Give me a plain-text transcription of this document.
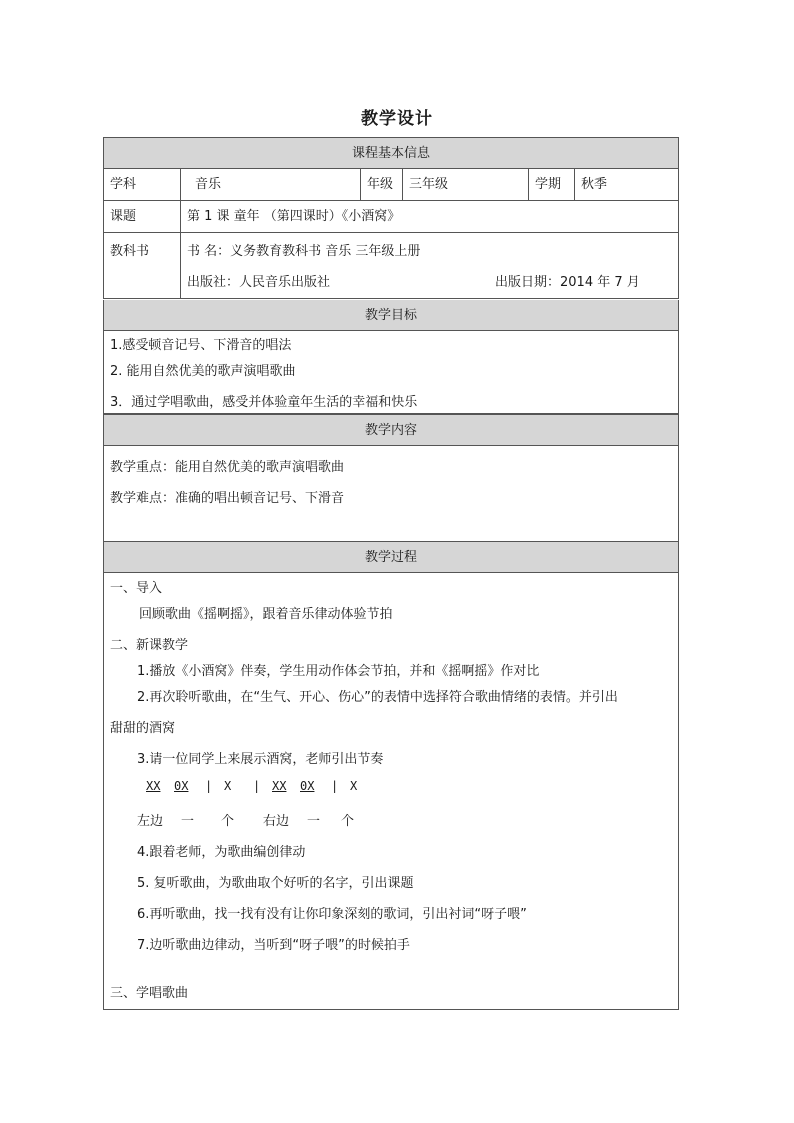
教学设计
课程基本信息
学科	音乐	年级	三年级	学期	秋季
课题	第 1 课 童年 （第四课时）《小酒窝》
教科书	书 名：义务教育教科书 音乐 三年级上册
出版社：人民音乐出版社	出版日期：2014 年 7 月
教学目标
1.感受顿音记号、下滑音的唱法
2. 能用自然优美的歌声演唱歌曲
3．通过学唱歌曲，感受并体验童年生活的幸福和快乐
教学内容
教学重点：能用自然优美的歌声演唱歌曲
教学难点：准确的唱出顿音记号、下滑音
教学过程
一、导入
回顾歌曲《摇啊摇》，跟着音乐律动体验节拍
二、新课教学
1.播放《小酒窝》伴奏，学生用动作体会节拍，并和《摇啊摇》作对比
2.再次聆听歌曲，在“生气、开心、伤心”的表情中选择符合歌曲情绪的表情。并引出
甜甜的酒窝
3.请一位同学上来展示酒窝，老师引出节奏
XX 0X | X | XX 0X | X
左边 一 个 右边 一 个
4.跟着老师，为歌曲编创律动
5. 复听歌曲，为歌曲取个好听的名字，引出课题
6.再听歌曲，找一找有没有让你印象深刻的歌词，引出衬词“呀子喂”
7.边听歌曲边律动，当听到“呀子喂”的时候拍手
三、学唱歌曲
